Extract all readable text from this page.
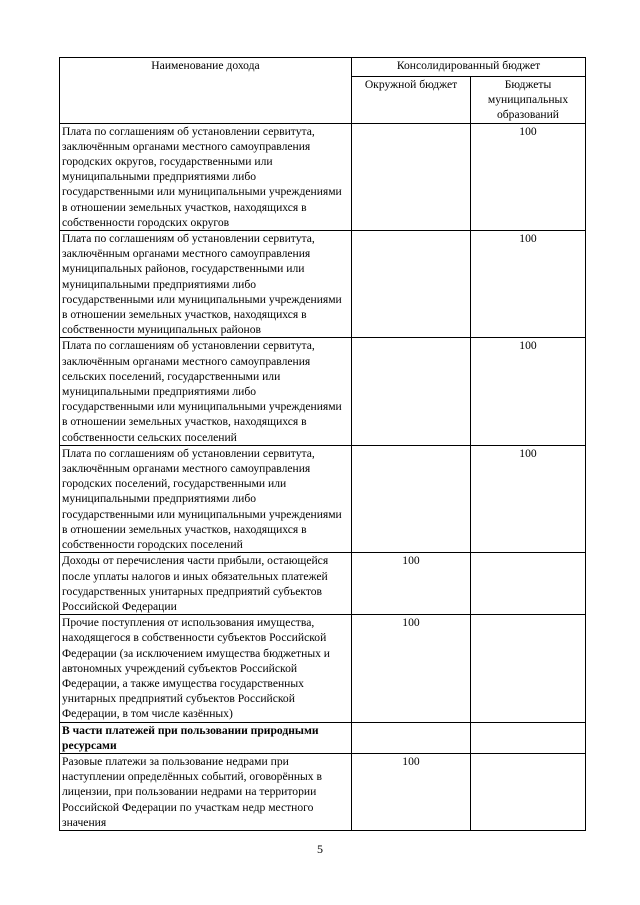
Наименование дохода	Консолидированный бюджет	
	Окружной бюджет	Бюджеты муниципальных образований
Плата по соглашениям об установлении сервитута, заключённым органами местного самоуправления городских округов, государственными или муниципальными предприятиями либо государственными или муниципальными учреждениями в отношении земельных участков, находящихся в собственности городских округов		100
Плата по соглашениям об установлении сервитута, заключённым органами местного самоуправления муниципальных районов, государственными или муниципальными предприятиями либо государственными или муниципальными учреждениями в отношении земельных участков, находящихся в собственности муниципальных районов		100
Плата по соглашениям об установлении сервитута, заключённым органами местного самоуправления сельских поселений, государственными или муниципальными предприятиями либо государственными или муниципальными учреждениями в отношении земельных участков, находящихся в собственности сельских поселений		100
Плата по соглашениям об установлении сервитута, заключённым органами местного самоуправления городских поселений, государственными или муниципальными предприятиями либо государственными или муниципальными учреждениями в отношении земельных участков, находящихся в собственности городских поселений		100
Доходы от перечисления части прибыли, остающейся после уплаты налогов и иных обязательных платежей государственных унитарных предприятий субъектов Российской Федерации	100	
Прочие поступления от использования имущества, находящегося в собственности субъектов Российской Федерации (за исключением имущества бюджетных и автономных учреждений субъектов Российской Федерации, а также имущества государственных унитарных предприятий субъектов Российской Федерации, в том числе казённых)	100	
В части платежей при пользовании природными ресурсами		
Разовые платежи за пользование недрами при наступлении определённых событий, оговорённых в лицензии, при пользовании недрами на территории Российской Федерации по участкам недр местного значения	100	
5
